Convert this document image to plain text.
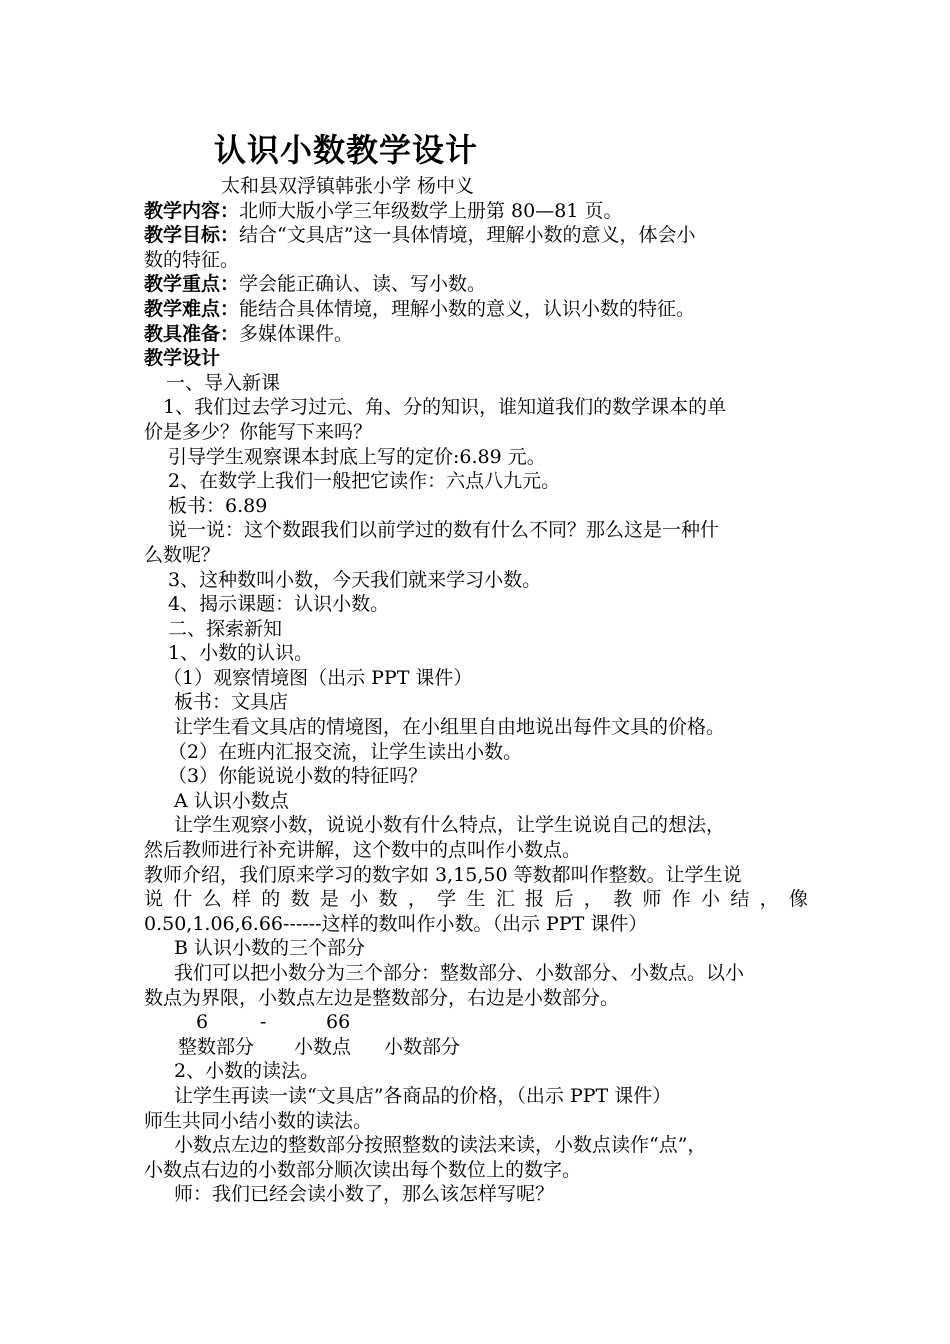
认识小数教学设计
太和县双浮镇韩张小学 杨中义
教学内容：北师大版小学三年级数学上册第 80—81 页。
教学目标：结合“文具店”这一具体情境，理解小数的意义，体会小
数的特征。
教学重点：学会能正确认、读、写小数。
教学难点：能结合具体情境，理解小数的意义，认识小数的特征。
教具准备：多媒体课件。
教学设计
一、导入新课
1、我们过去学习过元、角、分的知识，谁知道我们的数学课本的单
价是多少？你能写下来吗？
引导学生观察课本封底上写的定价:6.89 元。
2、在数学上我们一般把它读作：六点八九元。
板书：6.89
说一说：这个数跟我们以前学过的数有什么不同？那么这是一种什
么数呢？
3、这种数叫小数，今天我们就来学习小数。
4、揭示课题：认识小数。
二、探索新知
1、小数的认识。
（1）观察情境图（出示 PPT 课件）
板书：文具店
让学生看文具店的情境图，在小组里自由地说出每件文具的价格。
（2）在班内汇报交流，让学生读出小数。
（3）你能说说小数的特征吗？
A 认识小数点
让学生观察小数，说说小数有什么特点，让学生说说自己的想法，
然后教师进行补充讲解，这个数中的点叫作小数点。
教师介绍，我们原来学习的数字如 3,15,50 等数都叫作整数。让学生说
说 什 么 样 的 数 是 小 数 ， 学 生 汇 报 后 ， 教 师 作 小 结 ， 像
0.50,1.06,6.66------这样的数叫作小数。（出示 PPT 课件）
B 认识小数的三个部分
我们可以把小数分为三个部分：整数部分、小数部分、小数点。以小
数点为界限，小数点左边是整数部分，右边是小数部分。
6	-	66
整数部分 小数点 小数部分
2、小数的读法。
让学生再读一读“文具店”各商品的价格，（出示 PPT 课件）
师生共同小结小数的读法。
小数点左边的整数部分按照整数的读法来读，小数点读作“点”，
小数点右边的小数部分顺次读出每个数位上的数字。
师：我们已经会读小数了，那么该怎样写呢？
